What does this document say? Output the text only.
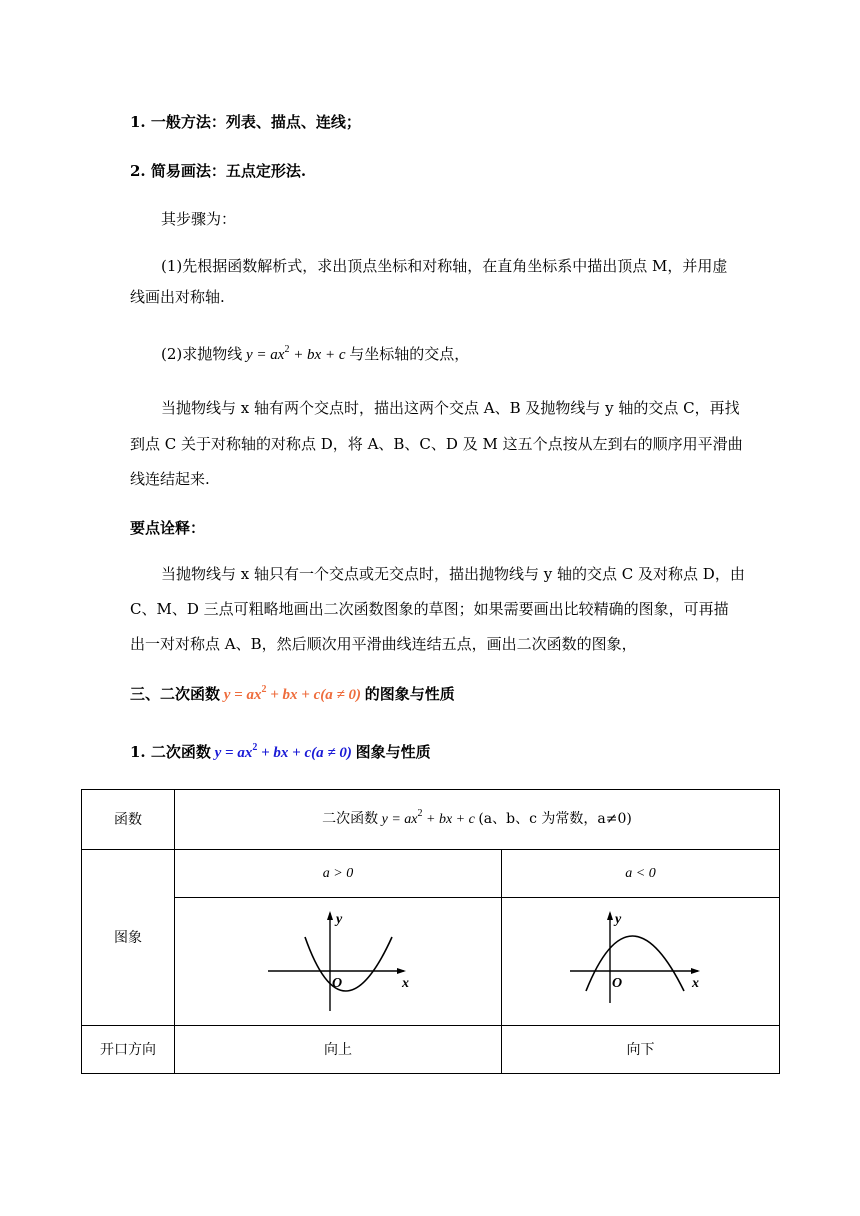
1. 一般方法：列表、描点、连线；
2. 简易画法：五点定形法.
其步骤为：
(1)先根据函数解析式，求出顶点坐标和对称轴，在直角坐标系中描出顶点 M，并用虚
线画出对称轴.
(2)求抛物线 $y = ax^2$ + bx + c 与坐标轴的交点，
当抛物线与 x 轴有两个交点时，描出这两个交点 A、B 及抛物线与 y 轴的交点 C，再找
到点 C 关于对称轴的对称点 D，将 A、B、C、D 及 M 这五个点按从左到右的顺序用平滑曲
线连结起来.
要点诠释：
当抛物线与 x 轴只有一个交点或无交点时，描出抛物线与 y 轴的交点 C 及对称点 D，由
C、M、D 三点可粗略地画出二次函数图象的草图；如果需要画出比较精确的图象，可再描
出一对对称点 A、B，然后顺次用平滑曲线连结五点，画出二次函数的图象，
三、二次函数 $y = ax^2$ + bx + c(a ≠ 0) 的图象与性质
1. 二次函数 $y = ax^2$ + bx + c(a ≠ 0) 图象与性质
函数	二次函数 $y = ax^2$ + bx + c (a、b、c 为常数，a≠0)	
图象	a > 0	a < 0

y
x
O	y
x
O

开口方向	向上	向下
